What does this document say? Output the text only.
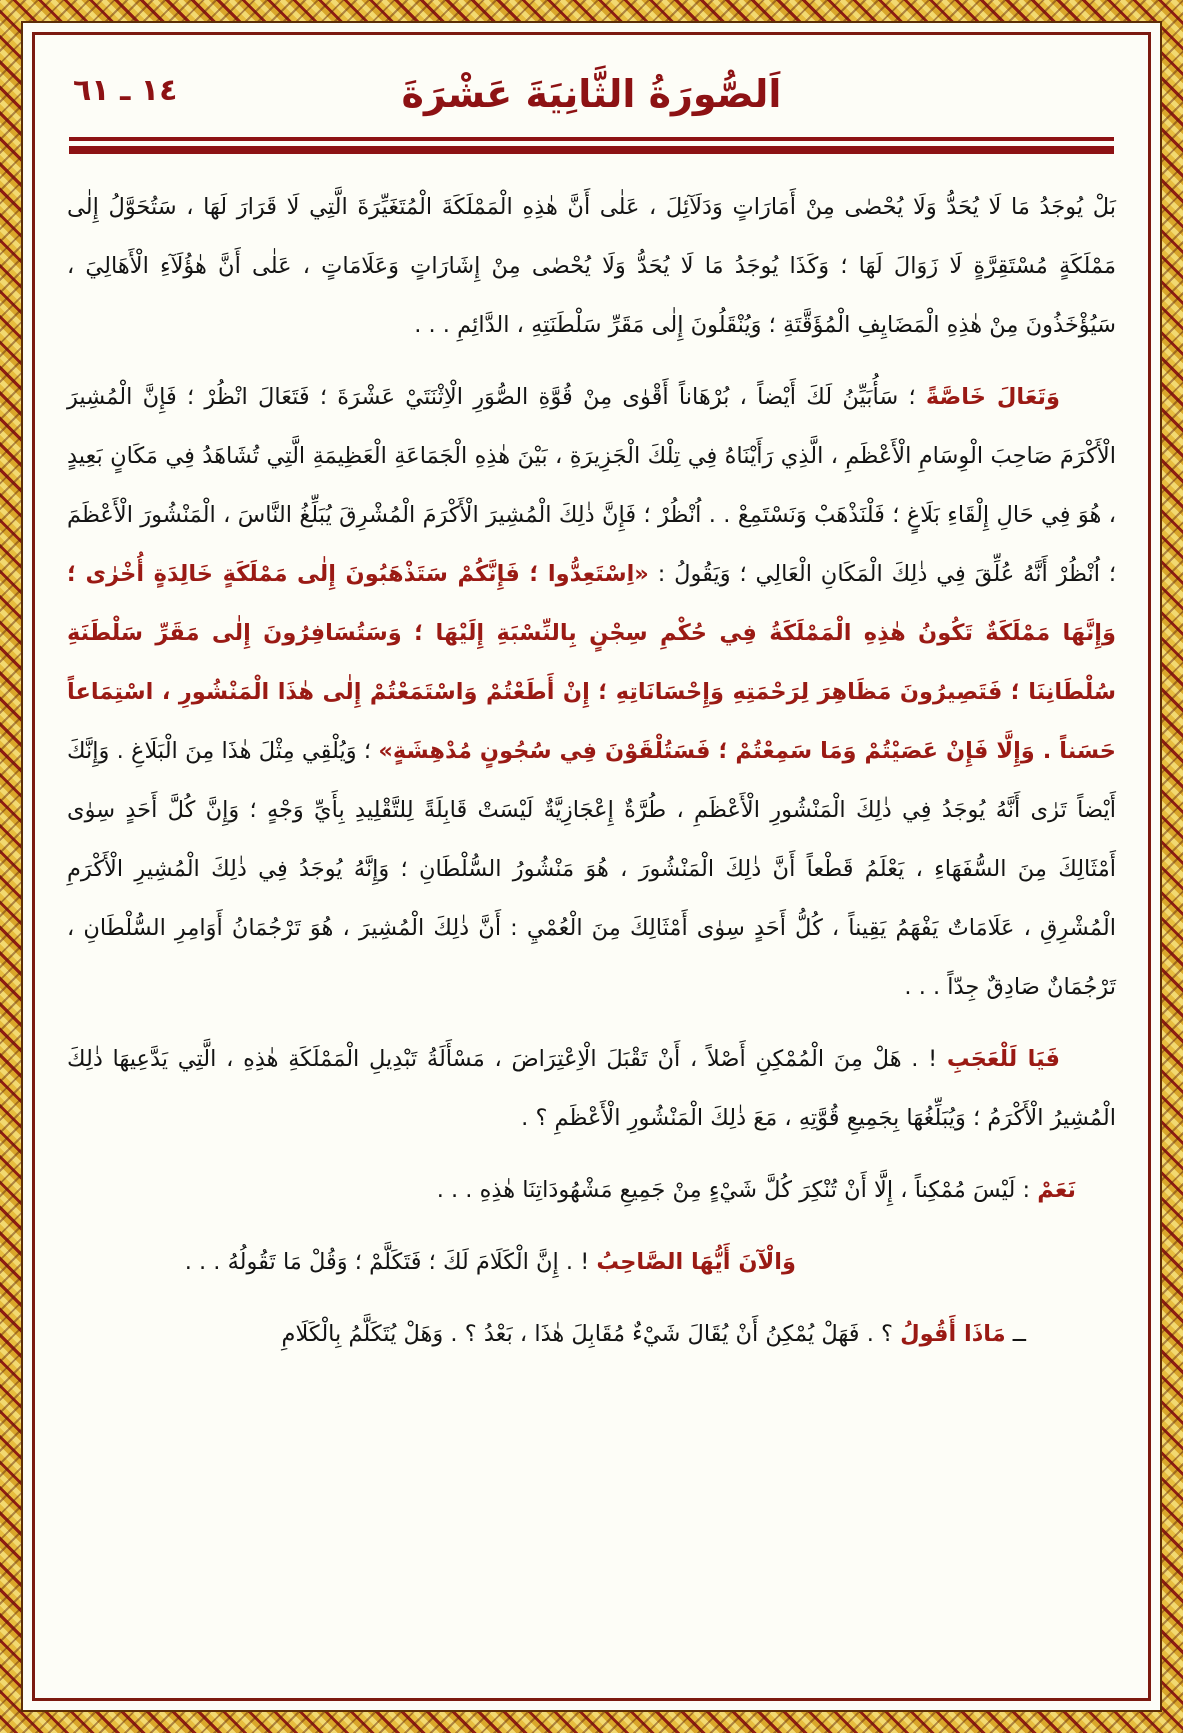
١٤ ـ ٦١	اَلصُّورَةُ الثَّانِيَةَ عَشْرَةَ

بَلْ يُوجَدُ مَا لَا يُحَدُّ وَلَا يُحْصٰى مِنْ أَمَارَاتٍ وَدَلَآئِلَ ، عَلٰى أَنَّ هٰذِهِ الْمَمْلَكَةَ الْمُتَغَيِّرَةَ الَّتِي لَا قَرَارَ لَهَا ، سَتُحَوَّلُ إِلٰى مَمْلَكَةٍ مُسْتَقِرَّةٍ لَا زَوَالَ لَهَا ؛ وَكَذَا يُوجَدُ مَا لَا يُحَدُّ وَلَا يُحْصٰى مِنْ إِشَارَاتٍ وَعَلَامَاتٍ ، عَلٰى أَنَّ هٰؤُلَآءِ الْأَهَالِيَ ، سَيُؤْخَذُونَ مِنْ هٰذِهِ الْمَضَايِفِ الْمُؤَقَّتَةِ ؛ وَيُنْقَلُونَ إِلٰى مَقَرِّ سَلْطَنَتِهِ ، الدَّائِمِ . . .

وَتَعَالَ خَاصَّةً ؛ سَأُبَيِّنُ لَكَ أَيْضاً ، بُرْهَاناً أَقْوٰى مِنْ قُوَّةِ الصُّوَرِ الْاِثْنَتَيْ عَشْرَةَ ؛ فَتَعَالَ انْظُرْ ؛ فَإِنَّ الْمُشِيرَ الْأَكْرَمَ صَاحِبَ الْوِسَامِ الْأَعْظَمِ ، الَّذِي رَأَيْنَاهُ فِي تِلْكَ الْجَزِيرَةِ ، بَيْنَ هٰذِهِ الْجَمَاعَةِ الْعَظِيمَةِ الَّتِي تُشَاهَدُ فِي مَكَانٍ بَعِيدٍ ، هُوَ فِي حَالِ إِلْقَاءِ بَلَاغٍ ؛ فَلْنَذْهَبْ وَنَسْتَمِعْ . . اُنْظُرْ ؛ فَإِنَّ ذٰلِكَ الْمُشِيرَ الْأَكْرَمَ الْمُشْرِقَ يُبَلِّغُ النَّاسَ ، الْمَنْشُورَ الْأَعْظَمَ ؛ اُنْظُرْ أَنَّهُ عُلِّقَ فِي ذٰلِكَ الْمَكَانِ الْعَالِي ؛ وَيَقُولُ : «اِسْتَعِدُّوا ؛ فَإِنَّكُمْ سَتَذْهَبُونَ إِلٰى مَمْلَكَةٍ خَالِدَةٍ أُخْرٰى ؛ وَإِنَّهَا مَمْلَكَةٌ تَكُونُ هٰذِهِ الْمَمْلَكَةُ فِي حُكْمِ سِجْنٍ بِالنِّسْبَةِ إِلَيْهَا ؛ وَسَتُسَافِرُونَ إِلٰى مَقَرِّ سَلْطَنَةِ سُلْطَانِنَا ؛ فَتَصِيرُونَ مَظَاهِرَ لِرَحْمَتِهِ وَإِحْسَانَاتِهِ ؛ إِنْ أَطَعْتُمْ وَاسْتَمَعْتُمْ إِلٰى هٰذَا الْمَنْشُورِ ، اسْتِمَاعاً حَسَناً . وَإِلَّا فَإِنْ عَصَيْتُمْ وَمَا سَمِعْتُمْ ؛ فَسَتُلْقَوْنَ فِي سُجُونٍ مُدْهِشَةٍ» ؛ وَيُلْقِي مِثْلَ هٰذَا مِنَ الْبَلَاغِ . وَإِنَّكَ أَيْضاً تَرٰى أَنَّهُ يُوجَدُ فِي ذٰلِكَ الْمَنْشُورِ الْأَعْظَمِ ، طُرَّةٌ إِعْجَازِيَّةٌ لَيْسَتْ قَابِلَةً لِلتَّقْلِيدِ بِأَيِّ وَجْهٍ ؛ وَإِنَّ كُلَّ أَحَدٍ سِوٰى أَمْثَالِكَ مِنَ السُّفَهَاءِ ، يَعْلَمُ قَطْعاً أَنَّ ذٰلِكَ الْمَنْشُورَ ، هُوَ مَنْشُورُ السُّلْطَانِ ؛ وَإِنَّهُ يُوجَدُ فِي ذٰلِكَ الْمُشِيرِ الْأَكْرَمِ الْمُشْرِقِ ، عَلَامَاتٌ يَفْهَمُ يَقِيناً ، كُلُّ أَحَدٍ سِوٰى أَمْثَالِكَ مِنَ الْعُمْيِ : أَنَّ ذٰلِكَ الْمُشِيرَ ، هُوَ تَرْجُمَانُ أَوَامِرِ السُّلْطَانِ ، تَرْجُمَانٌ صَادِقٌ جِدّاً . . .

فَيَا لَلْعَجَبِ ! . هَلْ مِنَ الْمُمْكِنِ أَصْلاً ، أَنْ تَقْبَلَ الْاِعْتِرَاضَ ، مَسْأَلَةُ تَبْدِيلِ الْمَمْلَكَةِ هٰذِهِ ، الَّتِي يَدَّعِيهَا ذٰلِكَ الْمُشِيرُ الْأَكْرَمُ ؛ وَيُبَلِّغُهَا بِجَمِيعِ قُوَّتِهِ ، مَعَ ذٰلِكَ الْمَنْشُورِ الْأَعْظَمِ ؟ .

نَعَمْ : لَيْسَ مُمْكِناً ، إِلَّا أَنْ تُنْكِرَ كُلَّ شَيْءٍ مِنْ جَمِيعِ مَشْهُودَاتِنَا هٰذِهِ . . .

وَالْآنَ أَيُّهَا الصَّاحِبُ ! . إِنَّ الْكَلَامَ لَكَ ؛ فَتَكَلَّمْ ؛ وَقُلْ مَا تَقُولُهُ . . .

ــ مَاذَا أَقُولُ ؟ . فَهَلْ يُمْكِنُ أَنْ يُقَالَ شَيْءٌ مُقَابِلَ هٰذَا ، بَعْدُ ؟ . وَهَلْ يُتَكَلَّمُ بِالْكَلَامِ
